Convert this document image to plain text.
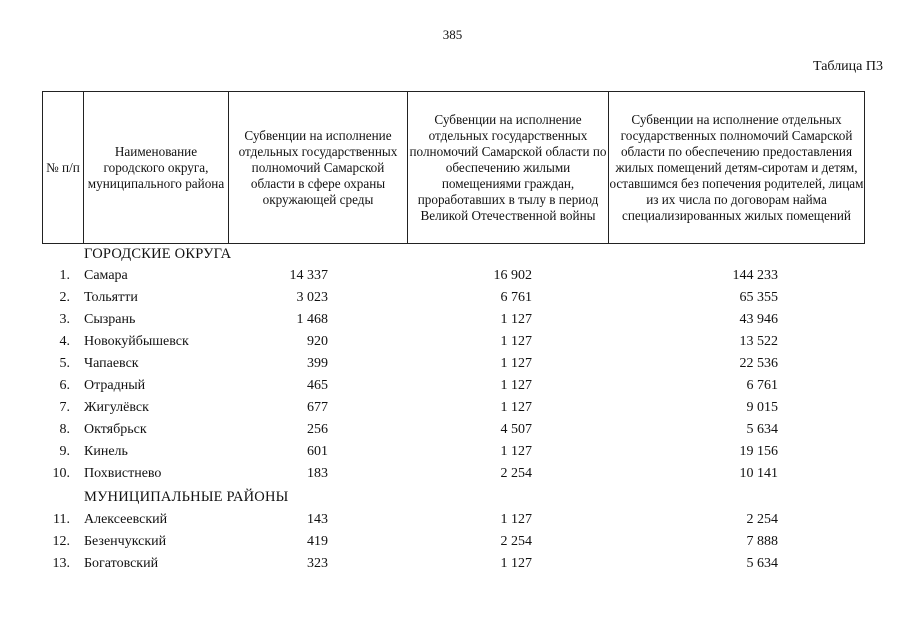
385
Таблица П3
№ п/п	Наименование городского округа, муниципального района	Субвенции на исполнение отдельных государственных полномочий Самарской области в сфере охраны окружающей среды	Субвенции на исполнение отдельных государственных полномочий Самарской области по обеспечению жилыми помещениями граждан, проработавших в тылу в период Великой Отечественной войны	Субвенции на исполнение отдельных государственных полномочий Самарской области по обеспечению предоставления жилых помещений детям-сиротам и детям, оставшимся без попечения родителей, лицам из их числа по договорам найма специализированных жилых помещений
ГОРОДСКИЕ ОКРУГА
1. Самара	14 337	16 902	144 233
2. Тольятти	3 023	6 761	65 355
3. Сызрань	1 468	1 127	43 946
4. Новокуйбышевск	920	1 127	13 522
5. Чапаевск	399	1 127	22 536
6. Отрадный	465	1 127	6 761
7. Жигулёвск	677	1 127	9 015
8. Октябрьск	256	4 507	5 634
9. Кинель	601	1 127	19 156
10. Похвистнево	183	2 254	10 141
МУНИЦИПАЛЬНЫЕ РАЙОНЫ
11. Алексеевский	143	1 127	2 254
12. Безенчукский	419	2 254	7 888
13. Богатовский	323	1 127	5 634
